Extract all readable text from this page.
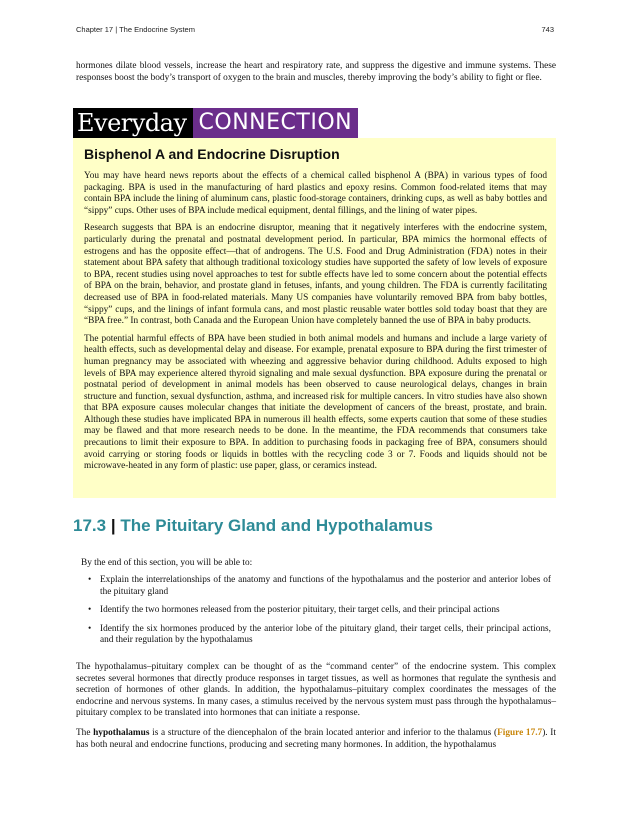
Chapter 17 | The Endocrine System	743
hormones dilate blood vessels, increase the heart and respiratory rate, and suppress the digestive and immune systems. These responses boost the body’s transport of oxygen to the brain and muscles, thereby improving the body’s ability to fight or flee.
Everyday CONNECTION
Bisphenol A and Endocrine Disruption

You may have heard news reports about the effects of a chemical called bisphenol A (BPA) in various types of food packaging. BPA is used in the manufacturing of hard plastics and epoxy resins. Common food-related items that may contain BPA include the lining of aluminum cans, plastic food-storage containers, drinking cups, as well as baby bottles and “sippy” cups. Other uses of BPA include medical equipment, dental fillings, and the lining of water pipes.

Research suggests that BPA is an endocrine disruptor, meaning that it negatively interferes with the endocrine system, particularly during the prenatal and postnatal development period. In particular, BPA mimics the hormonal effects of estrogens and has the opposite effect—that of androgens. The U.S. Food and Drug Administration (FDA) notes in their statement about BPA safety that although traditional toxicology studies have supported the safety of low levels of exposure to BPA, recent studies using novel approaches to test for subtle effects have led to some concern about the potential effects of BPA on the brain, behavior, and prostate gland in fetuses, infants, and young children. The FDA is currently facilitating decreased use of BPA in food-related materials. Many US companies have voluntarily removed BPA from baby bottles, “sippy” cups, and the linings of infant formula cans, and most plastic reusable water bottles sold today boast that they are “BPA free.” In contrast, both Canada and the European Union have completely banned the use of BPA in baby products.

The potential harmful effects of BPA have been studied in both animal models and humans and include a large variety of health effects, such as developmental delay and disease. For example, prenatal exposure to BPA during the first trimester of human pregnancy may be associated with wheezing and aggressive behavior during childhood. Adults exposed to high levels of BPA may experience altered thyroid signaling and male sexual dysfunction. BPA exposure during the prenatal or postnatal period of development in animal models has been observed to cause neurological delays, changes in brain structure and function, sexual dysfunction, asthma, and increased risk for multiple cancers. In vitro studies have also shown that BPA exposure causes molecular changes that initiate the development of cancers of the breast, prostate, and brain. Although these studies have implicated BPA in numerous ill health effects, some experts caution that some of these studies may be flawed and that more research needs to be done. In the meantime, the FDA recommends that consumers take precautions to limit their exposure to BPA. In addition to purchasing foods in packaging free of BPA, consumers should avoid carrying or storing foods or liquids in bottles with the recycling code 3 or 7. Foods and liquids should not be microwave-heated in any form of plastic: use paper, glass, or ceramics instead.

17.3 | The Pituitary Gland and Hypothalamus
By the end of this section, you will be able to:
• Explain the interrelationships of the anatomy and functions of the hypothalamus and the posterior and anterior lobes of the pituitary gland
• Identify the two hormones released from the posterior pituitary, their target cells, and their principal actions
• Identify the six hormones produced by the anterior lobe of the pituitary gland, their target cells, their principal actions, and their regulation by the hypothalamus

The hypothalamus–pituitary complex can be thought of as the “command center” of the endocrine system. This complex secretes several hormones that directly produce responses in target tissues, as well as hormones that regulate the synthesis and secretion of hormones of other glands. In addition, the hypothalamus–pituitary complex coordinates the messages of the endocrine and nervous systems. In many cases, a stimulus received by the nervous system must pass through the hypothalamus–pituitary complex to be translated into hormones that can initiate a response.

The hypothalamus is a structure of the diencephalon of the brain located anterior and inferior to the thalamus (Figure 17.7). It has both neural and endocrine functions, producing and secreting many hormones. In addition, the hypothalamus
